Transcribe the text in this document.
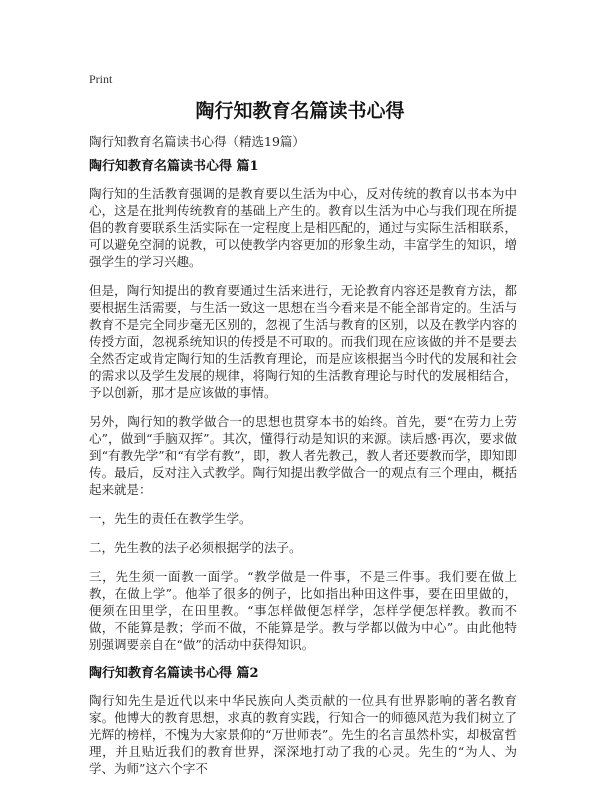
Print
陶行知教育名篇读书心得
陶行知教育名篇读书心得（精选19篇）
陶行知教育名篇读书心得 篇1

陶行知的生活教育强调的是教育要以生活为中心，反对传统的教育以书本为中心，这是在批判传统教育的基础上产生的。教育以生活为中心与我们现在所提倡的教育要联系生活实际在一定程度上是相匹配的，通过与实际生活相联系，可以避免空洞的说教，可以使教学内容更加的形象生动，丰富学生的知识，增强学生的学习兴趣。

但是，陶行知提出的教育要通过生活来进行，无论教育内容还是教育方法，都要根据生活需要，与生活一致这一思想在当今看来是不能全部肯定的。生活与教育不是完全同步毫无区别的，忽视了生活与教育的区别，以及在教学内容的传授方面，忽视系统知识的传授是不可取的。而我们现在应该做的并不是要去全然否定或肯定陶行知的生活教育理论，而是应该根据当今时代的发展和社会的需求以及学生发展的规律，将陶行知的生活教育理论与时代的发展相结合，予以创新，那才是应该做的事情。

另外，陶行知的教学做合一的思想也贯穿本书的始终。首先，要“在劳力上劳心”，做到“手脑双挥”。其次，懂得行动是知识的来源。读后感·再次，要求做到“有教先学”和“有学有教”，即，教人者先教己，教人者还要教而学，即知即传。最后，反对注入式教学。陶行知提出教学做合一的观点有三个理由，概括起来就是：

一，先生的责任在教学生学。

二，先生教的法子必须根据学的法子。

三，先生须一面教一面学。“教学做是一件事，不是三件事。我们要在做上教，在做上学”。他举了很多的例子，比如指出种田这件事，要在田里做的，便须在田里学，在田里教。“事怎样做便怎样学，怎样学便怎样教。教而不做，不能算是教；学而不做，不能算是学。教与学都以做为中心”。由此他特别强调要亲自在“做”的活动中获得知识。

陶行知教育名篇读书心得 篇2

陶行知先生是近代以来中华民族向人类贡献的一位具有世界影响的著名教育家。他博大的教育思想，求真的教育实践，行知合一的师德风范为我们树立了光辉的榜样，不愧为大家景仰的“万世师表”。先生的名言虽然朴实，却极富哲理，并且贴近我们的教育世界，深深地打动了我的心灵。先生的“为人、为学、为师”这六个字不
